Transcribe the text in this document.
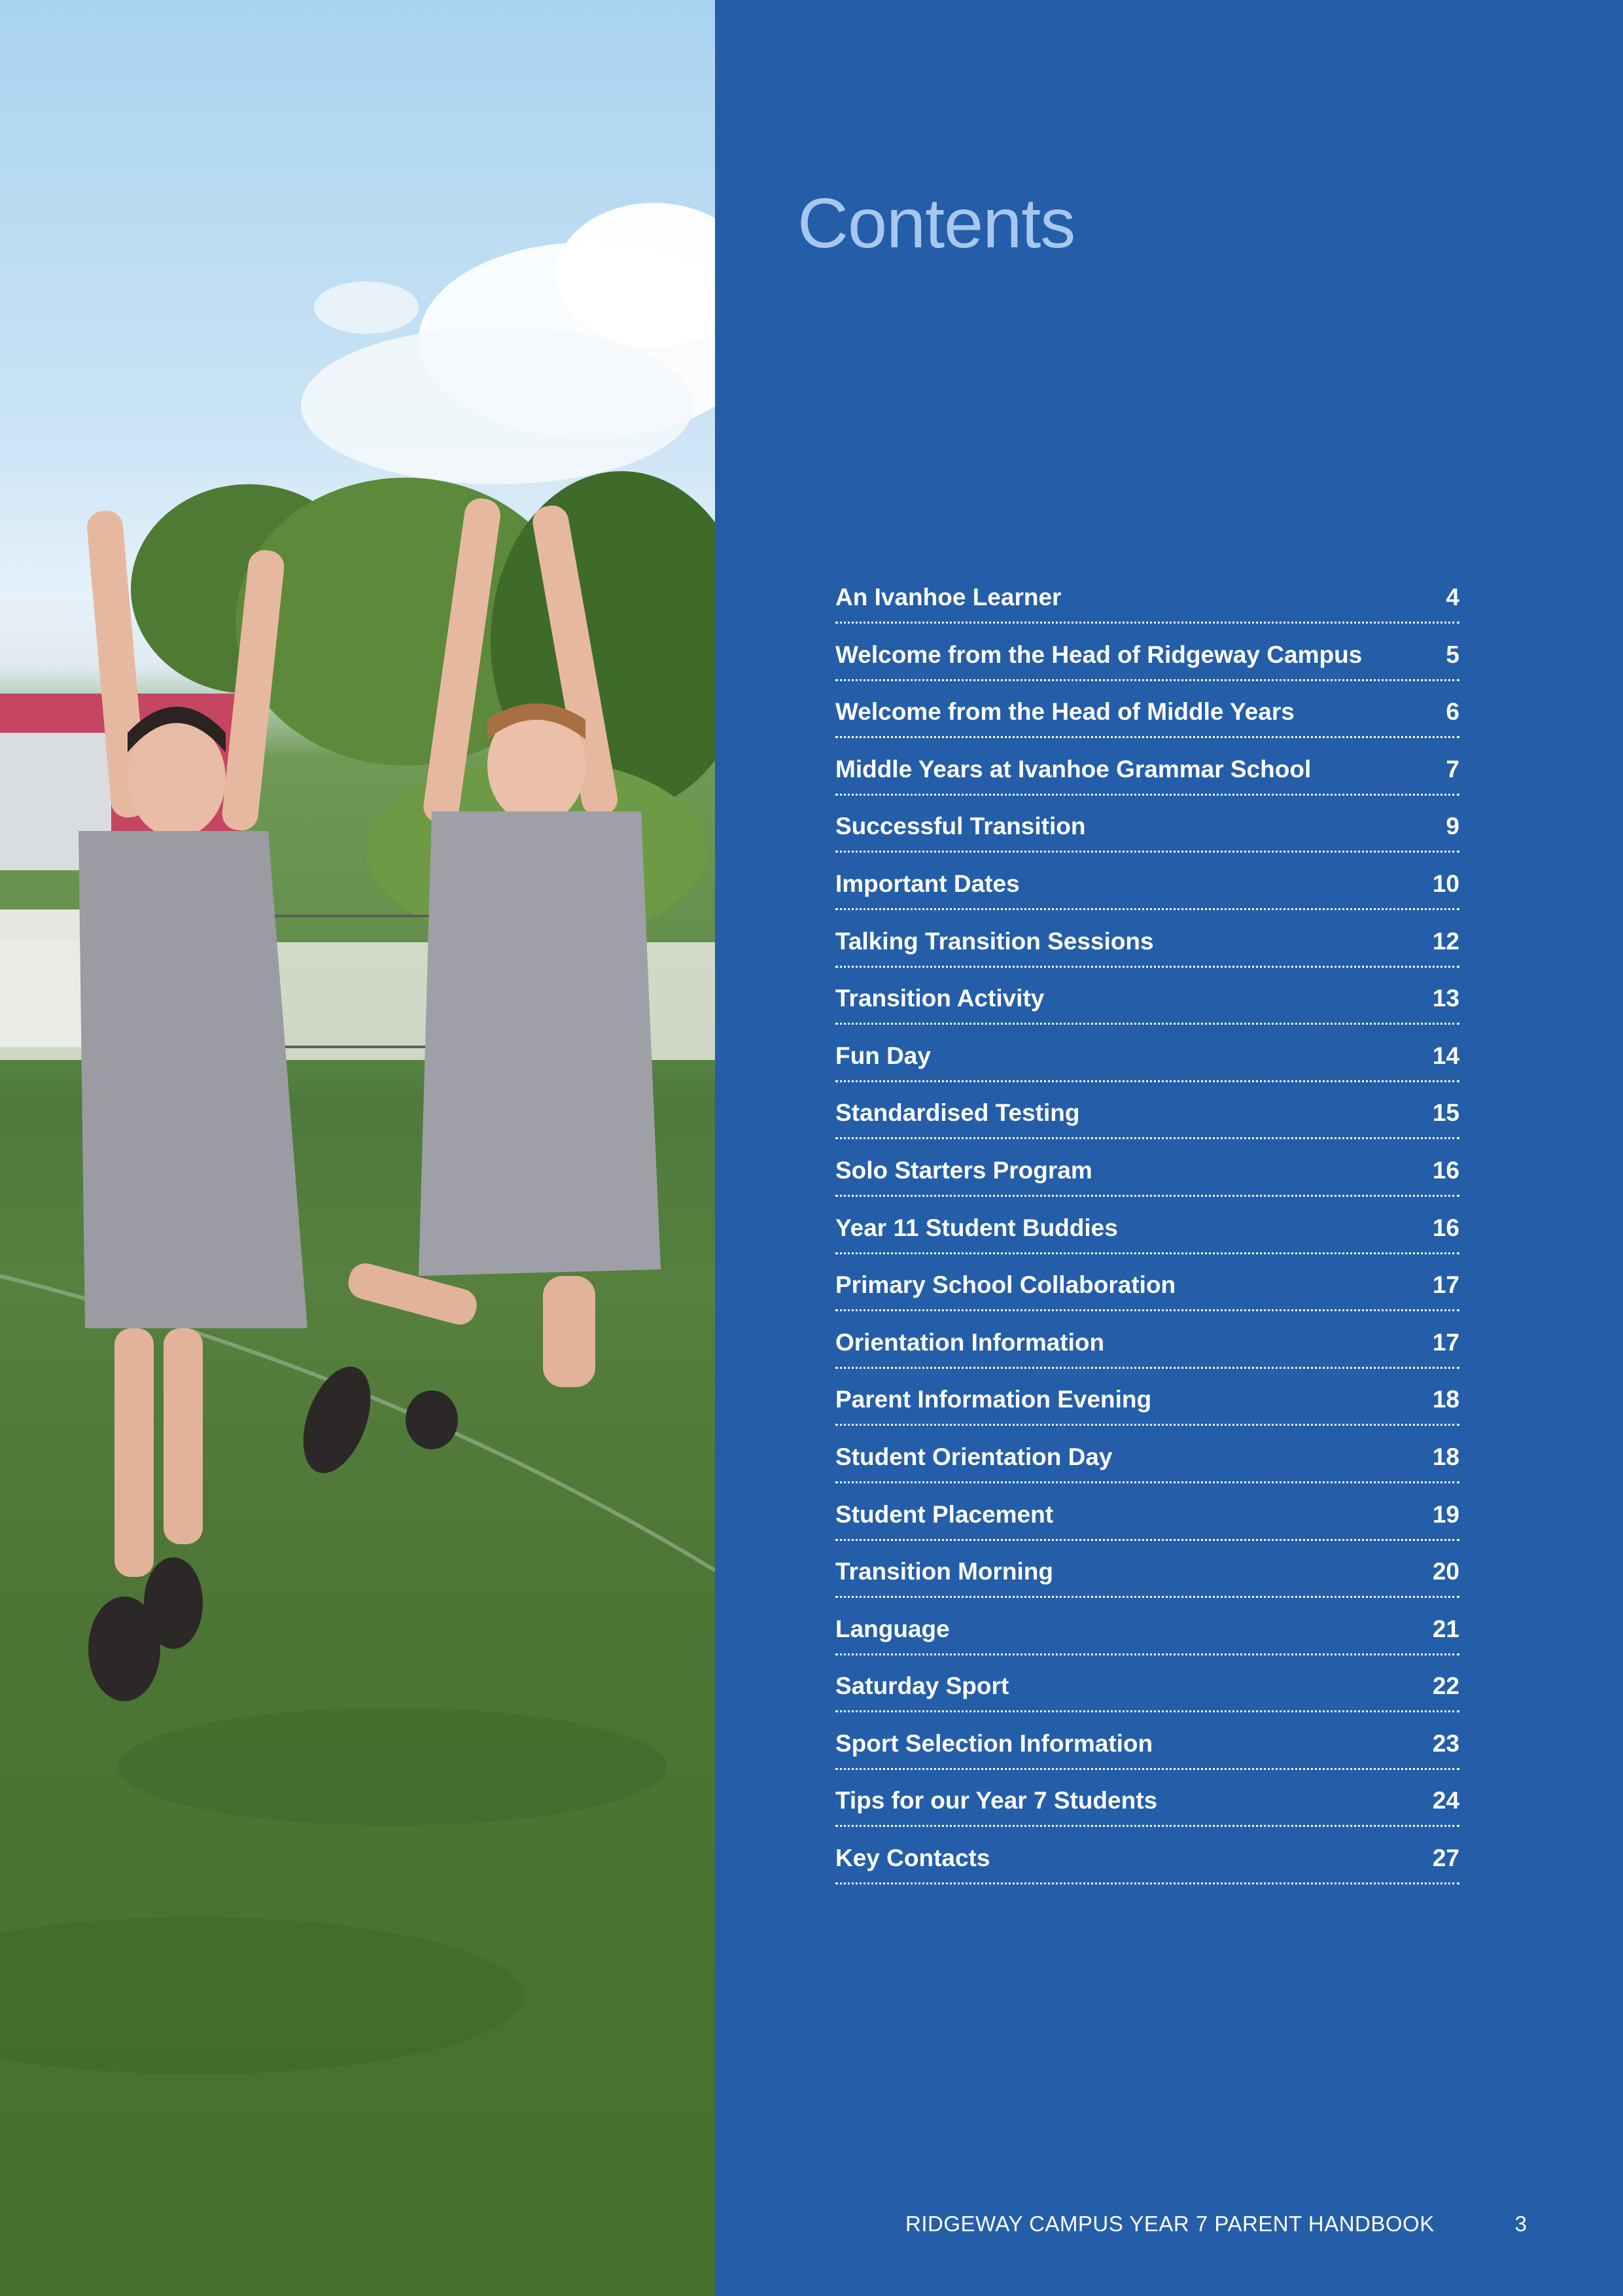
Contents
An Ivanhoe Learner	4
Welcome from the Head of Ridgeway Campus	5
Welcome from the Head of Middle Years	6
Middle Years at Ivanhoe Grammar School	7
Successful Transition	9
Important Dates	10
Talking Transition Sessions	12
Transition Activity	13
Fun Day	14
Standardised Testing	15
Solo Starters Program	16
Year 11 Student Buddies	16
Primary School Collaboration	17
Orientation Information	17
Parent Information Evening	18
Student Orientation Day	18
Student Placement	19
Transition Morning	20
Language	21
Saturday Sport	22
Sport Selection Information	23
Tips for our Year 7 Students	24
Key Contacts	27
RIDGEWAY CAMPUS YEAR 7 PARENT HANDBOOK	3
